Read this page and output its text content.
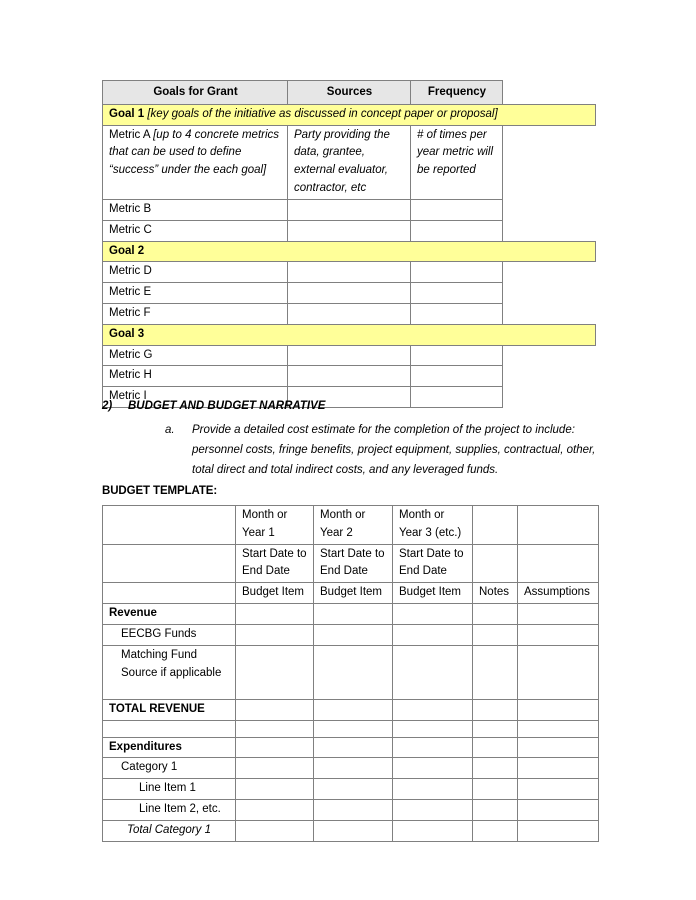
Goals for Grant	Sources	Frequency	
Goal 1 [key goals of the initiative as discussed in concept paper or proposal]			
Metric A [up to 4 concrete metrics that can be used to define “success” under the each goal]	Party providing the data, grantee, external evaluator, contractor, etc	# of times per year metric will be reported	
Metric B			
Metric C			
Goal 2			
Metric D			
Metric E			
Metric F			
Goal 3			
Metric G			
Metric H			
Metric I			
2)	BUDGET AND BUDGET NARRATIVE
a.	Provide a detailed cost estimate for the completion of the project to include: personnel costs, fringe benefits, project equipment, supplies, contractual, other, total direct and total indirect costs, and any leveraged funds.
BUDGET TEMPLATE:
	Month or Year 1	Month or Year 2	Month or Year 3 (etc.)		
	Start Date to End Date	Start Date to End Date	Start Date to End Date		
	Budget Item	Budget Item	Budget Item	Notes	Assumptions
Revenue					
EECBG Funds					
Matching Fund Source if applicable					
TOTAL REVENUE					

Expenditures					
Category 1					
Line Item 1					
Line Item 2, etc.					
Total Category 1					
